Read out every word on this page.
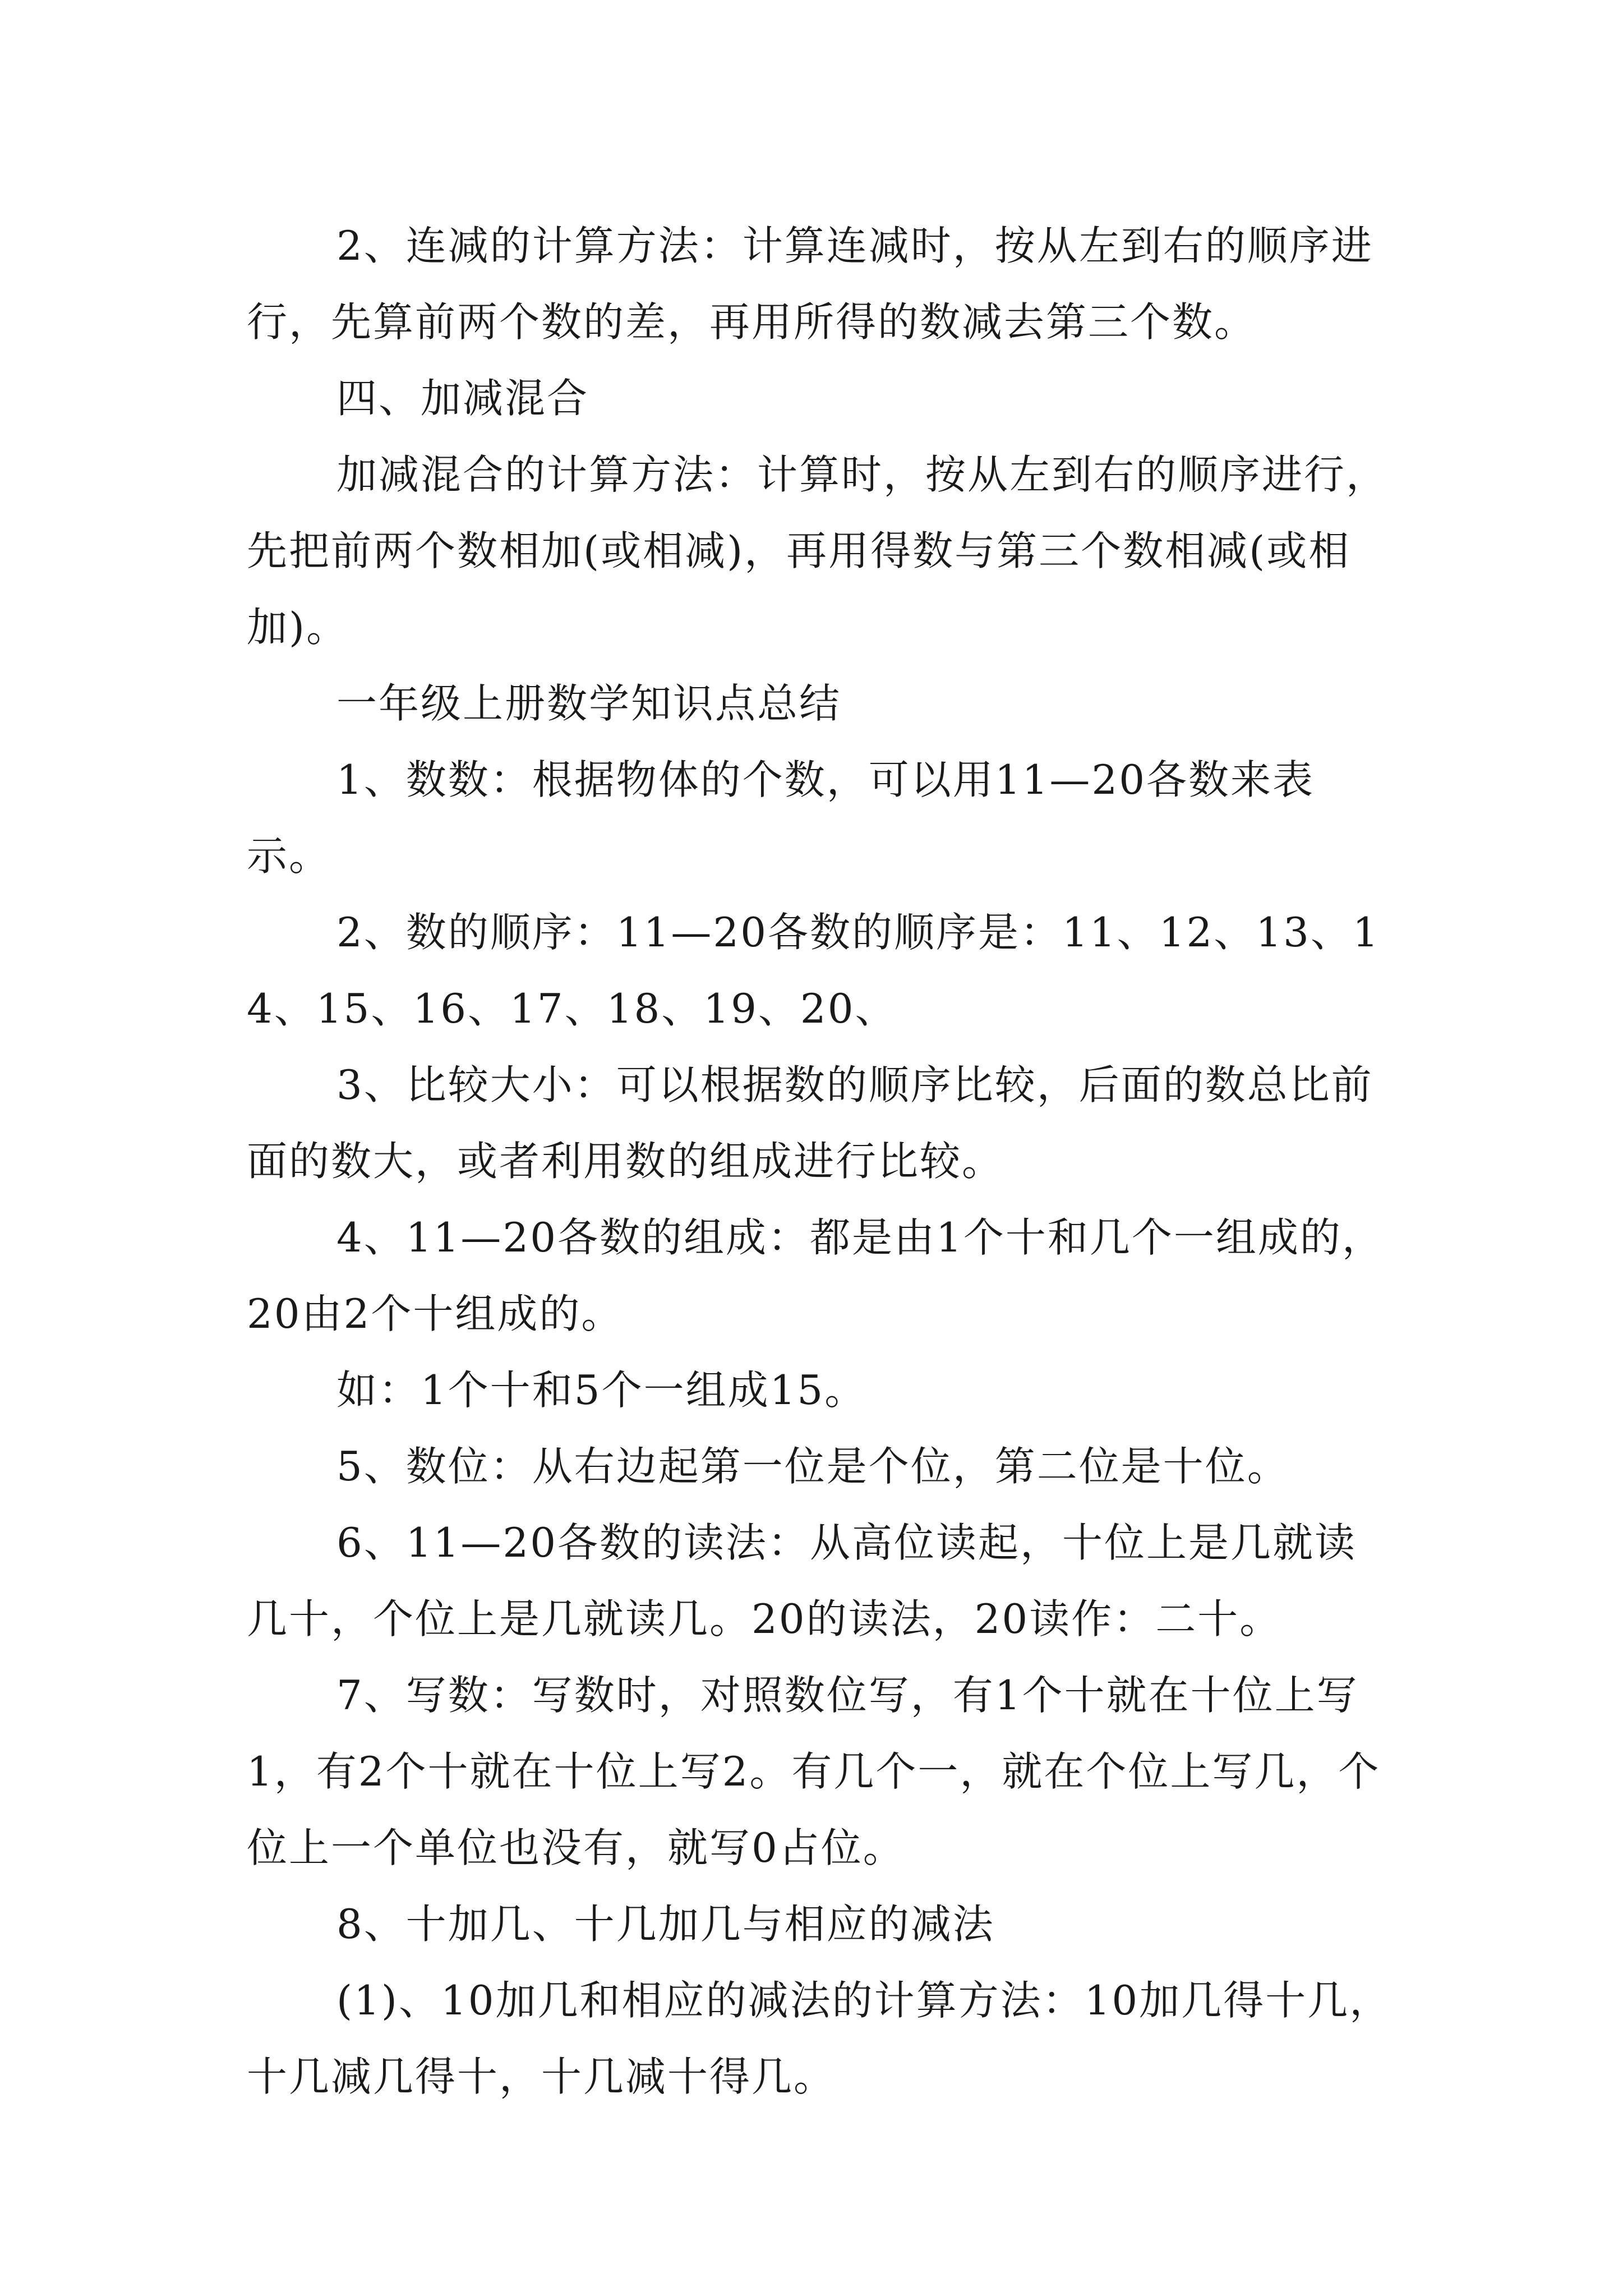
2、连减的计算方法：计算连减时，按从左到右的顺序进行，先算前两个数的差，再用所得的数减去第三个数。

四、加减混合

加减混合的计算方法：计算时，按从左到右的顺序进行，先把前两个数相加(或相减)，再用得数与第三个数相减(或相加)。

一年级上册数学知识点总结

1、数数：根据物体的个数，可以用11—20各数来表示。

2、数的顺序：11—20各数的顺序是：11、12、13、14、15、16、17、18、19、20、

3、比较大小：可以根据数的顺序比较，后面的数总比前面的数大，或者利用数的组成进行比较。

4、11—20各数的组成：都是由1个十和几个一组成的，20由2个十组成的。

如：1个十和5个一组成15。

5、数位：从右边起第一位是个位，第二位是十位。

6、11—20各数的读法：从高位读起，十位上是几就读几十，个位上是几就读几。20的读法，20读作：二十。

7、写数：写数时，对照数位写，有1个十就在十位上写1，有2个十就在十位上写2。有几个一，就在个位上写几，个位上一个单位也没有，就写0占位。

8、十加几、十几加几与相应的减法

(1)、10加几和相应的减法的计算方法：10加几得十几，十几减几得十，十几减十得几。
